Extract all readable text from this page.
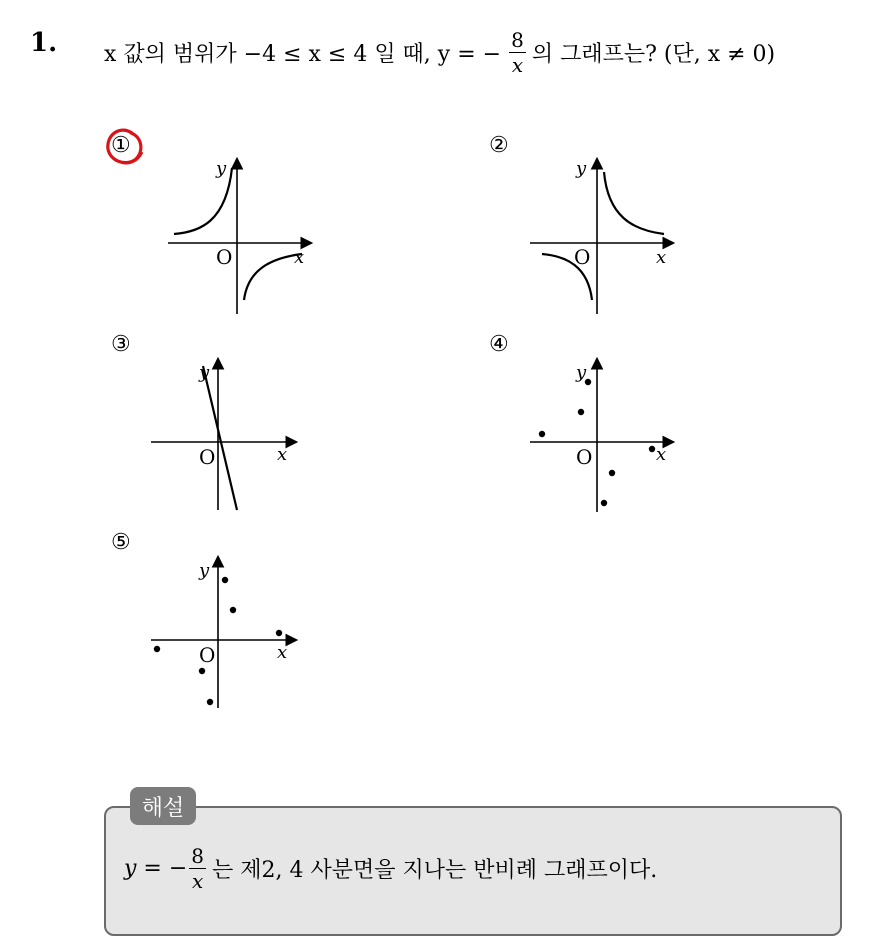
1. x 값의 범위가 −4 ≤ x ≤ 4 일 때, y = − $\frac{8}{x}$ 의 그래프는? (단, x ≠ 0)
①	②
③	④
⑤
y
x
O
y
x
O
y
x
O
y
x
O
y
x
O
해설
y = − $\frac{8}{x}$ 는 제2, 4 사분면을 지나는 반비례 그래프이다.
